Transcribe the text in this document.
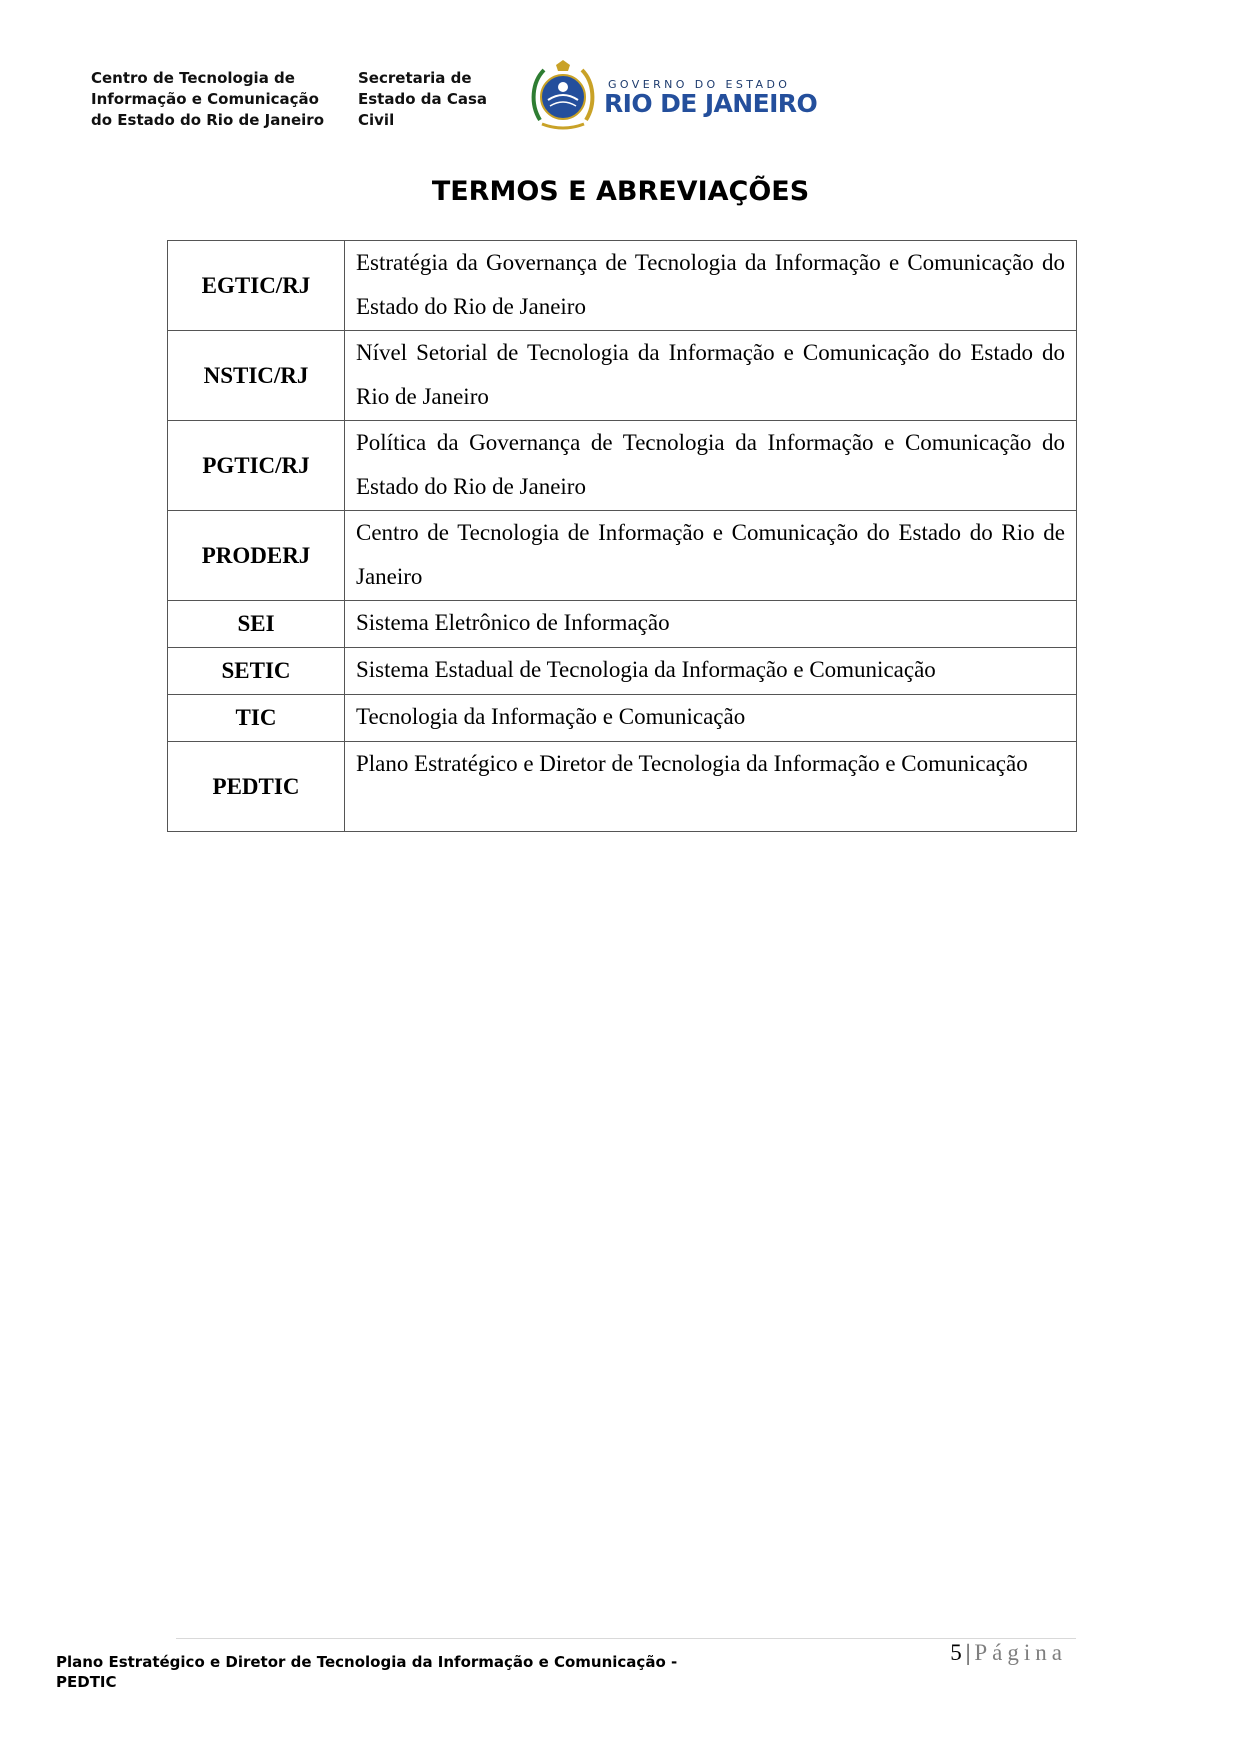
Centro de Tecnologia de
Informação e Comunicação
do Estado do Rio de Janeiro
Secretaria de
Estado da Casa
Civil
GOVERNO DO ESTADO
RIO DE JANEIRO
TERMOS E ABREVIAÇÕES
EGTIC/RJ	Estratégia da Governança de Tecnologia da Informação e Comunicação do Estado do Rio de Janeiro

NSTIC/RJ	Nível Setorial de Tecnologia da Informação e Comunicação do Estado do Rio de Janeiro

PGTIC/RJ	Política da Governança de Tecnologia da Informação e Comunicação do Estado do Rio de Janeiro

PRODERJ	Centro de Tecnologia de Informação e Comunicação do Estado do Rio de Janeiro

SEI	Sistema Eletrônico de Informação

SETIC	Sistema Estadual de Tecnologia da Informação e Comunicação

TIC	Tecnologia da Informação e Comunicação

PEDTIC	Plano Estratégico e Diretor de Tecnologia da Informação e Comunicação
Plano Estratégico e Diretor de Tecnologia da Informação e Comunicação - PEDTIC
5 | Página
